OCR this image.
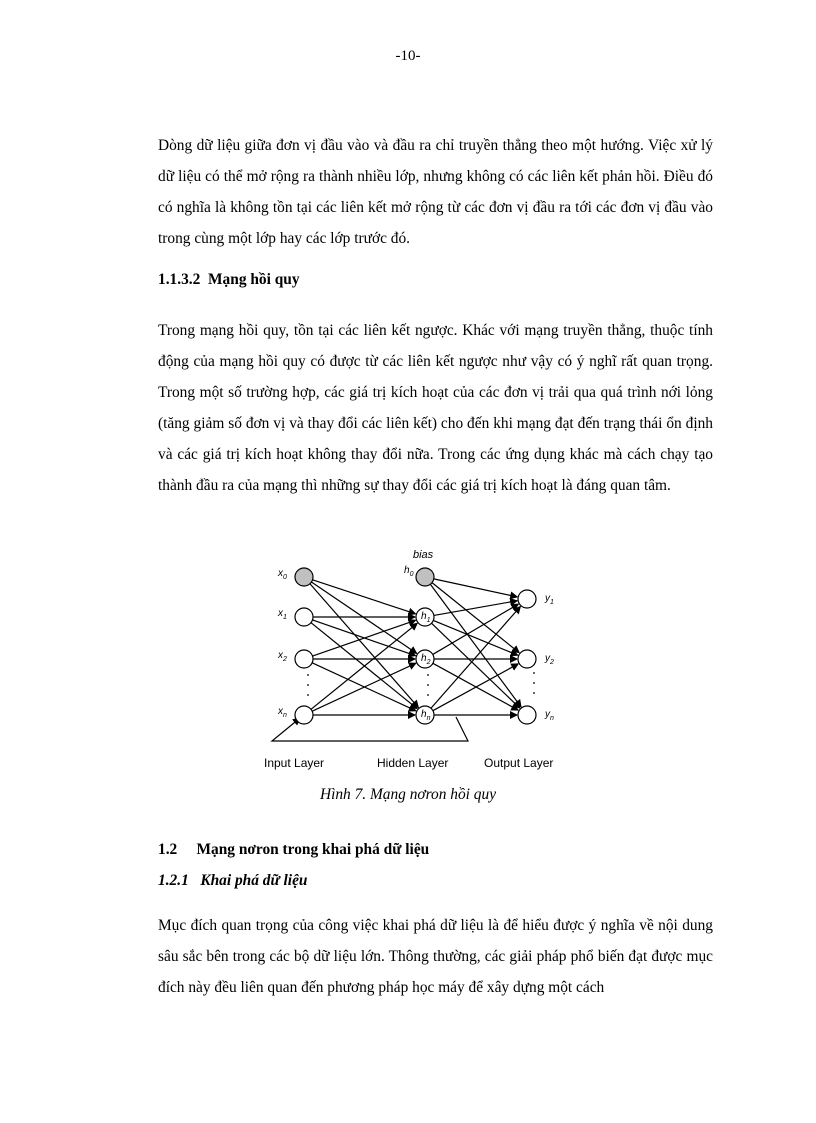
-10-

Dòng dữ liệu giữa đơn vị đầu vào và đầu ra chỉ truyền thẳng theo một hướng. Việc xử lý dữ liệu có thể mở rộng ra thành nhiều lớp, nhưng không có các liên kết phản hồi. Điều đó có nghĩa là không tồn tại các liên kết mở rộng từ các đơn vị đầu ra tới các đơn vị đầu vào trong cùng một lớp hay các lớp trước đó.

1.1.3.2 Mạng hồi quy

Trong mạng hồi quy, tồn tại các liên kết ngược. Khác với mạng truyền thẳng, thuộc tính động của mạng hồi quy có được từ các liên kết ngược như vậy có ý nghĩ rất quan trọng. Trong một số trường hợp, các giá trị kích hoạt của các đơn vị trải qua quá trình nới lỏng (tăng giảm số đơn vị và thay đổi các liên kết) cho đến khi mạng đạt đến trạng thái ổn định và các giá trị kích hoạt không thay đổi nữa. Trong các ứng dụng khác mà cách chạy tạo thành đầu ra của mạng thì những sự thay đổi các giá trị kích hoạt là đáng quan tâm.

$x_0$
$x_1$
$x_2$
$x_n$
$h_0$
$h_1$
$h_2$
$h_n$
$y_1$
$y_2$
$y_n$
bias
Input Layer	Hidden Layer	Output Layer
Hình 7. Mạng nơron hồi quy

1.2 Mạng nơron trong khai phá dữ liệu

1.2.1 Khai phá dữ liệu

Mục đích quan trọng của công việc khai phá dữ liệu là để hiểu được ý nghĩa về nội dung sâu sắc bên trong các bộ dữ liệu lớn. Thông thường, các giải pháp phổ biến đạt được mục đích này đều liên quan đến phương pháp học máy để xây dựng một cách
